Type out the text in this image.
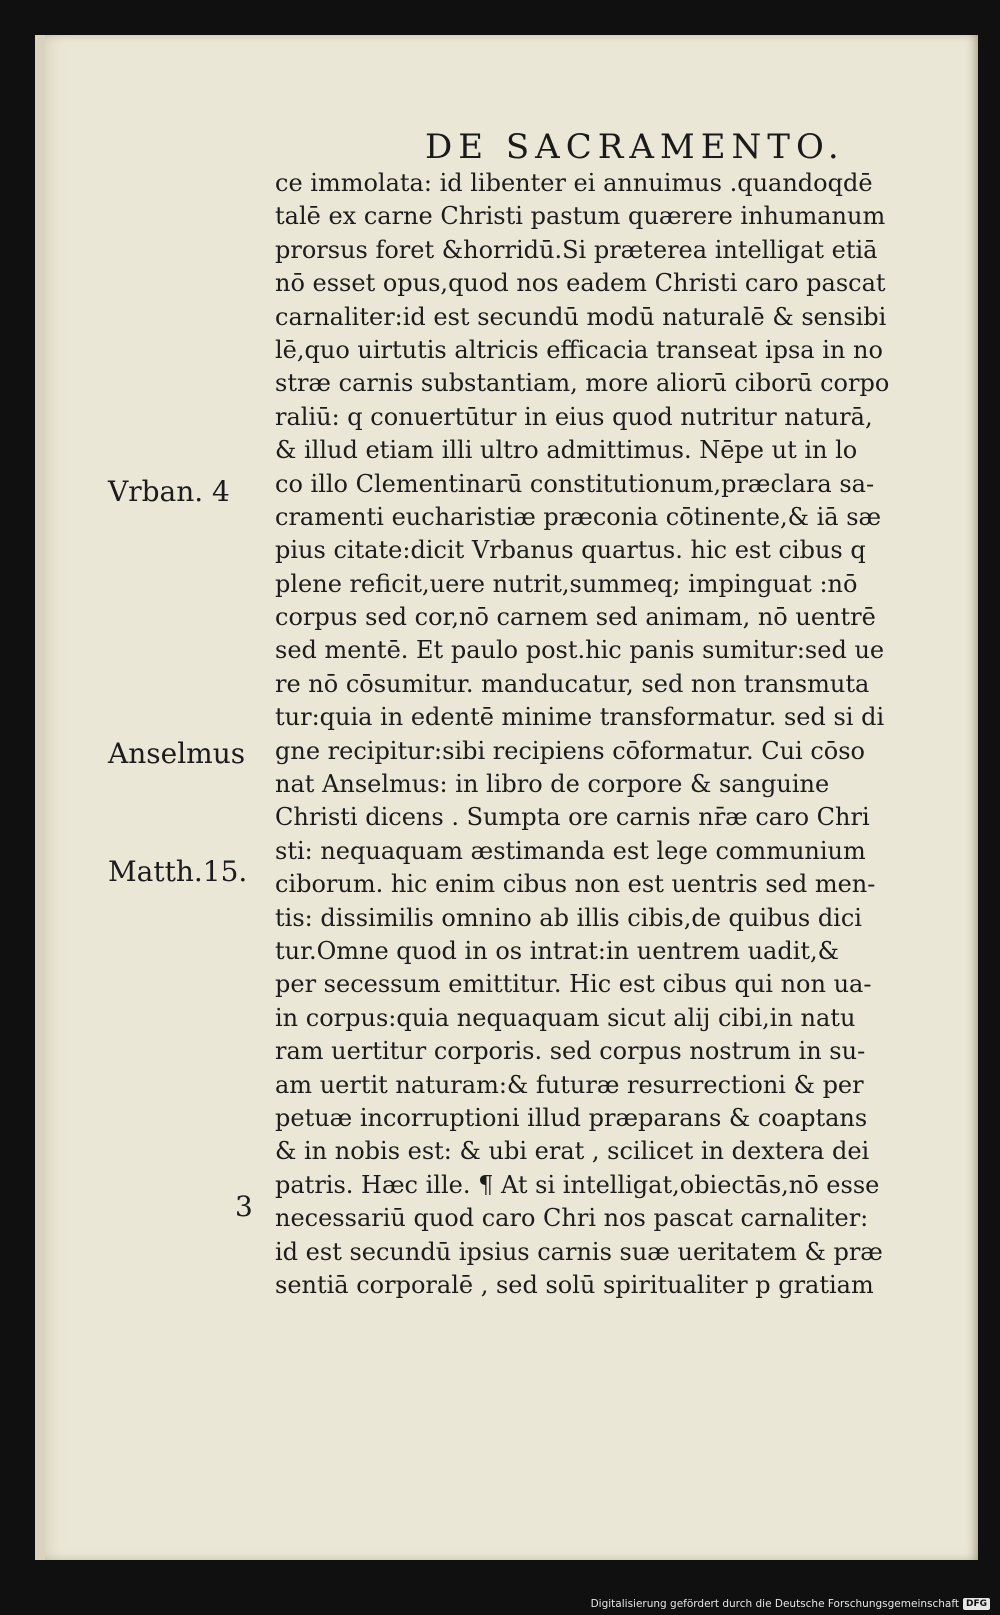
DE SACRAMENTO.
ce immolata: id libenter ei annuimus .quandoqdē
talē ex carne Christi pastum quærere inhumanum
prorsus foret &horridū.Si præterea intelligat etiā
nō esset opus,quod nos eadem Christi caro pascat
carnaliter:id est secundū modū naturalē & sensibi
lē,quo uirtutis altricis efficacia transeat ipsa in no
stræ carnis substantiam, more aliorū ciborū corpo
raliū: q conuertūtur in eius quod nutritur naturā,
& illud etiam illi ultro admittimus. Nēpe ut in lo
co illo Clementinarū constitutionum,præclara sa-
cramenti eucharistiæ præconia cōtinente,& iā sæ
pius citate:dicit Vrbanus quartus. hic est cibus q
plene reficit,uere nutrit,summeq; impinguat :nō
corpus sed cor,nō carnem sed animam, nō uentrē
sed mentē. Et paulo post.hic panis sumitur:sed ue
re nō cōsumitur. manducatur, sed non transmuta
tur:quia in edentē minime transformatur. sed si di
gne recipitur:sibi recipiens cōformatur. Cui cōso
nat Anselmus: in libro de corpore & sanguine
Christi dicens . Sumpta ore carnis nr̄æ caro Chri
sti: nequaquam æstimanda est lege communium
ciborum. hic enim cibus non est uentris sed men-
tis: dissimilis omnino ab illis cibis,de quibus dici
tur.Omne quod in os intrat:in uentrem uadit,&
per secessum emittitur. Hic est cibus qui non ua-
in corpus:quia nequaquam sicut alij cibi,in natu
ram uertitur corporis. sed corpus nostrum in su-
am uertit naturam:& futuræ resurrectioni & per
petuæ incorruptioni illud præparans & coaptans
& in nobis est: & ubi erat , scilicet in dextera dei
patris. Hæc ille. ¶ At si intelligat,obiectās,nō esse
necessariū quod caro Chri nos pascat carnaliter:
id est secundū ipsius carnis suæ ueritatem & præ
sentiā corporalē , sed solū spiritualiter p gratiam
Vrban. 4
Anselmus
Matth.15.
3
Digitalisierung gefördert durch die Deutsche Forschungsgemeinschaft DFG
